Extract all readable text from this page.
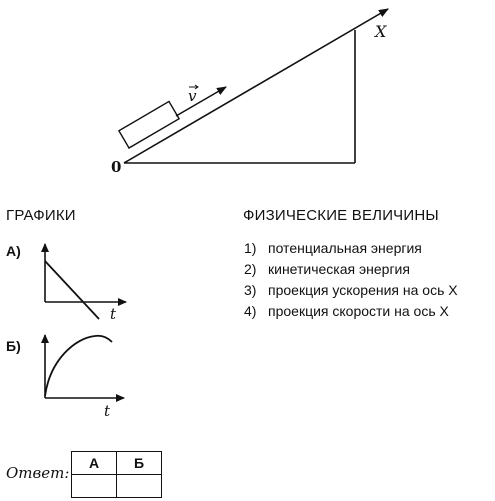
v
X
0
ГРАФИКИ	ФИЗИЧЕСКИЕ ВЕЛИЧИНЫ
А)
t
Б)
t
1) потенциальная энергия
2) кинетическая энергия
3) проекция ускорения на ось X
4) проекция скорости на ось X
Ответ:
А	Б
